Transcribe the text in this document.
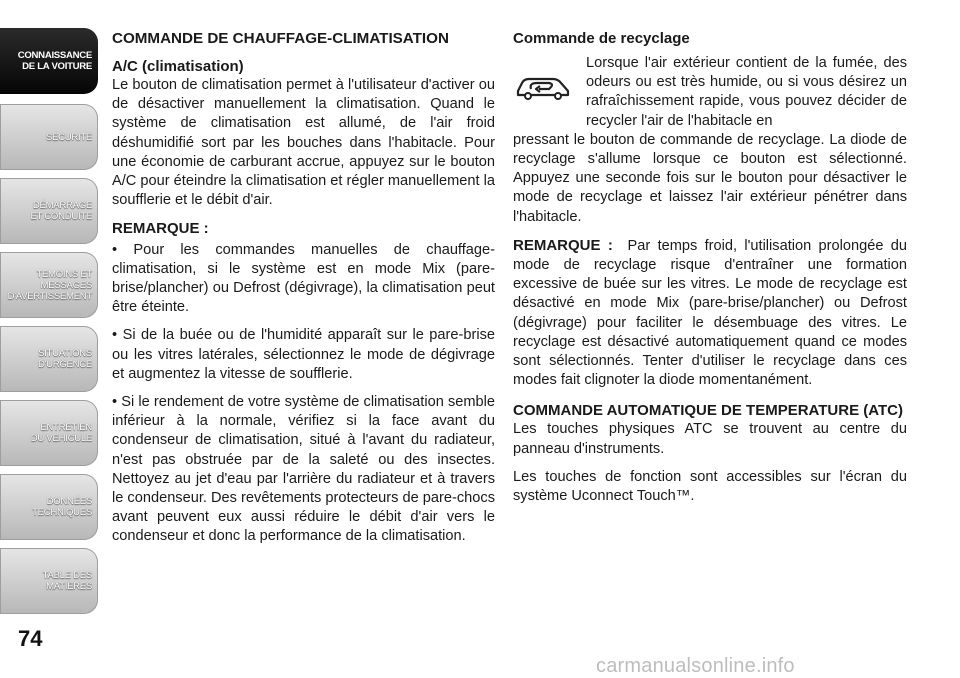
CONNAISSANCE
DE LA VOITURE
SÉCURITÉ
DÉMARRAGE
ET CONDUITE
TEMOINS ET
MESSAGES
D'AVERTISSEMENT
SITUATIONS
D'URGENCE
ENTRETIEN
DU VEHICULE
DONNÉES
TECHNIQUES
TABLE DES
MATIÈRES
74
COMMANDE DE CHAUFFAGE-CLIMATISATION
A/C (climatisation)

Le bouton de climatisation permet à l'utilisateur d'activer ou de désactiver manuellement la climatisation. Quand le système de climatisation est allumé, de l'air froid déshumidifié sort par les bouches dans l'habitacle. Pour une économie de carburant accrue, appuyez sur le bouton A/C pour éteindre la climatisation et régler manuellement la soufflerie et le débit d'air.

REMARQUE :

• Pour les commandes manuelles de chauffage-climatisation, si le système est en mode Mix (pare-brise/plancher) ou Defrost (dégivrage), la climatisation peut être éteinte.

• Si de la buée ou de l'humidité apparaît sur le pare-brise ou les vitres latérales, sélectionnez le mode de dégivrage et augmentez la vitesse de soufflerie.

• Si le rendement de votre système de climatisation semble inférieur à la normale, vérifiez si la face avant du condenseur de climatisation, situé à l'avant du radiateur, n'est pas obstruée par de la saleté ou des insectes. Nettoyez au jet d'eau par l'arrière du radiateur et à travers le condenseur. Des revêtements protecteurs de pare-chocs avant peuvent eux aussi réduire le débit d'air vers le condenseur et donc la performance de la climatisation.

Commande de recyclage

Lorsque l'air extérieur contient de la fumée, des odeurs ou est très humide, ou si vous désirez un rafraîchissement rapide, vous pouvez décider de recycler l'air de l'habitacle en

pressant le bouton de commande de recyclage. La diode de recyclage s'allume lorsque ce bouton est sélectionné. Appuyez une seconde fois sur le bouton pour désactiver le mode de recyclage et laissez l'air extérieur pénétrer dans l'habitacle.

REMARQUE : Par temps froid, l'utilisation prolongée du mode de recyclage risque d'entraîner une formation excessive de buée sur les vitres. Le mode de recyclage est désactivé en mode Mix (pare-brise/plancher) ou Defrost (dégivrage) pour faciliter le désembuage des vitres. Le recyclage est désactivé automatiquement quand ce modes sont sélectionnés. Tenter d'utiliser le recyclage dans ces modes fait clignoter la diode momentanément.

COMMANDE AUTOMATIQUE DE TEMPERATURE (ATC)

Les touches physiques ATC se trouvent au centre du panneau d'instruments.

Les touches de fonction sont accessibles sur l'écran du système Uconnect Touch™.

carmanualsonline.info
